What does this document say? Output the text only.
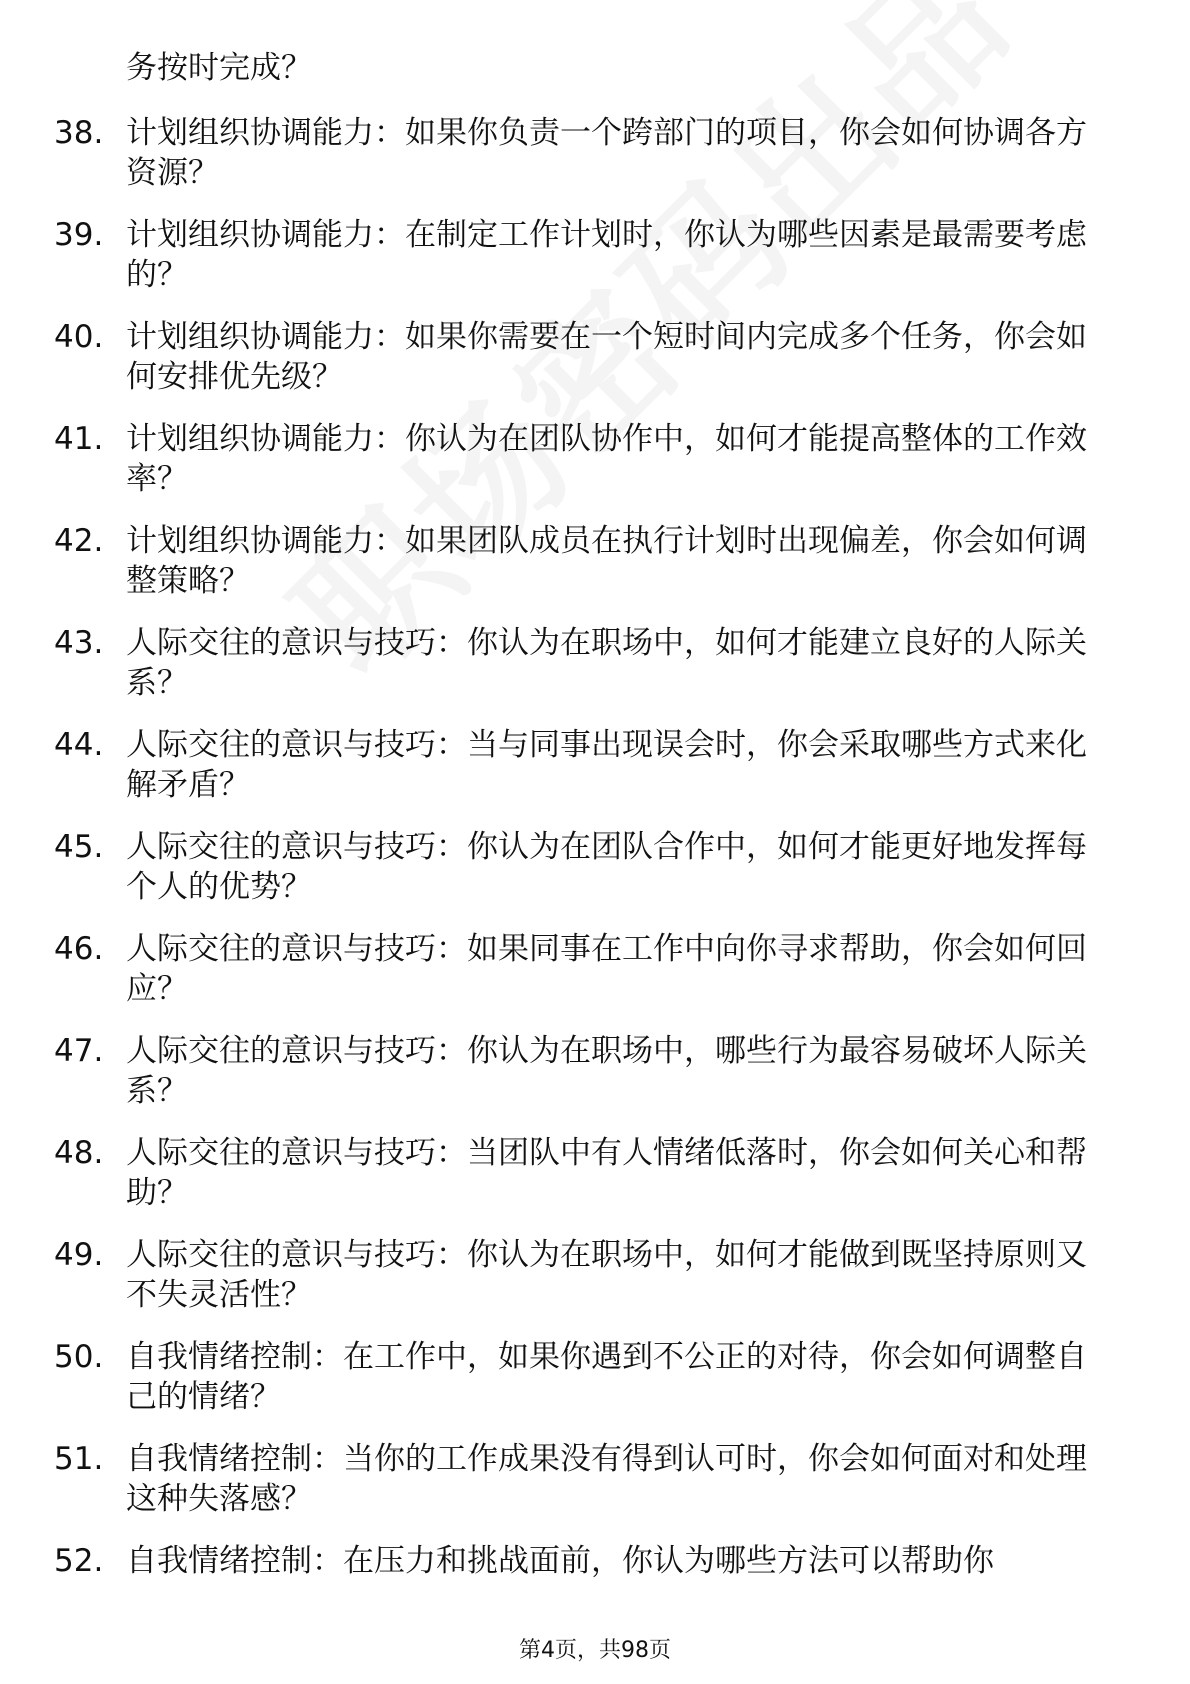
务按时完成？

38. 计划组织协调能力：如果你负责一个跨部门的项目，你会如何协调各方资源？
39. 计划组织协调能力：在制定工作计划时，你认为哪些因素是最需要考虑的？
40. 计划组织协调能力：如果你需要在一个短时间内完成多个任务，你会如何安排优先级？
41. 计划组织协调能力：你认为在团队协作中，如何才能提高整体的工作效率？
42. 计划组织协调能力：如果团队成员在执行计划时出现偏差，你会如何调整策略？
43. 人际交往的意识与技巧：你认为在职场中，如何才能建立良好的人际关系？
44. 人际交往的意识与技巧：当与同事出现误会时，你会采取哪些方式来化解矛盾？
45. 人际交往的意识与技巧：你认为在团队合作中，如何才能更好地发挥每个人的优势？
46. 人际交往的意识与技巧：如果同事在工作中向你寻求帮助，你会如何回应？
47. 人际交往的意识与技巧：你认为在职场中，哪些行为最容易破坏人际关系？
48. 人际交往的意识与技巧：当团队中有人情绪低落时，你会如何关心和帮助？
49. 人际交往的意识与技巧：你认为在职场中，如何才能做到既坚持原则又不失灵活性？
50. 自我情绪控制：在工作中，如果你遇到不公正的对待，你会如何调整自己的情绪？
51. 自我情绪控制：当你的工作成果没有得到认可时，你会如何面对和处理这种失落感？
52. 自我情绪控制：在压力和挑战面前，你认为哪些方法可以帮助你
第4页，共98页
